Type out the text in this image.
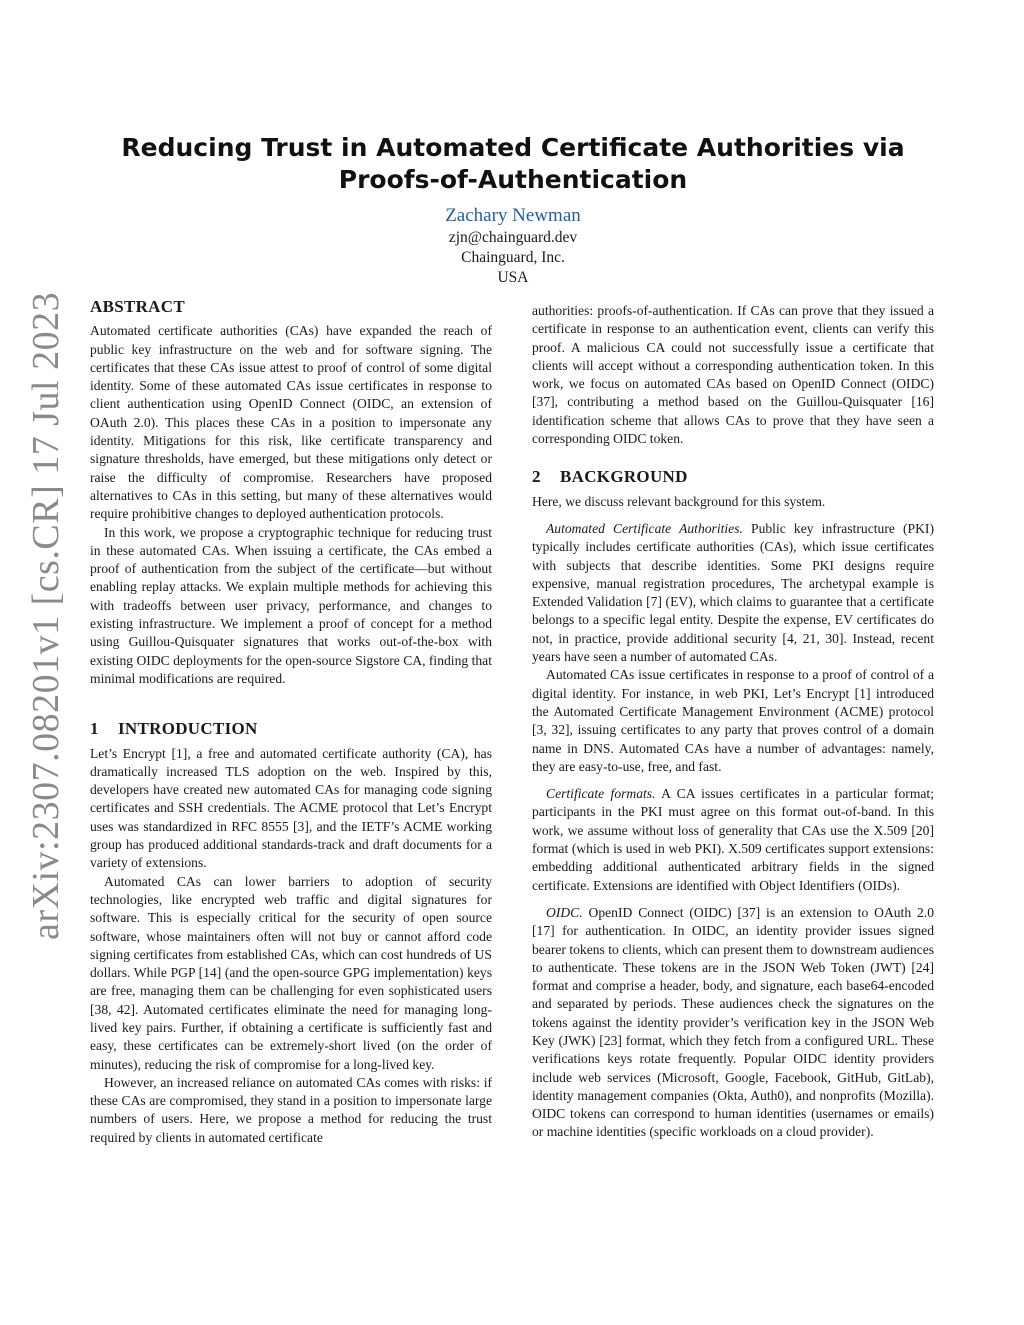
arXiv:2307.08201v1 [cs.CR] 17 Jul 2023
Reducing Trust in Automated Certificate Authorities via
Proofs-of-Authentication
Zachary Newman
zjn@chainguard.dev
Chainguard, Inc.
USA
ABSTRACT

Automated certificate authorities (CAs) have expanded the reach of public key infrastructure on the web and for software signing. The certificates that these CAs issue attest to proof of control of some digital identity. Some of these automated CAs issue certificates in response to client authentication using OpenID Connect (OIDC, an extension of OAuth 2.0). This places these CAs in a position to impersonate any identity. Mitigations for this risk, like certificate transparency and signature thresholds, have emerged, but these mitigations only detect or raise the difficulty of compromise. Researchers have proposed alternatives to CAs in this setting, but many of these alternatives would require prohibitive changes to deployed authentication protocols.

In this work, we propose a cryptographic technique for reducing trust in these automated CAs. When issuing a certificate, the CAs embed a proof of authentication from the subject of the certificate—but without enabling replay attacks. We explain multiple methods for achieving this with tradeoffs between user privacy, performance, and changes to existing infrastructure. We implement a proof of concept for a method using Guillou-Quisquater signatures that works out-of-the-box with existing OIDC deployments for the open-source Sigstore CA, finding that minimal modifications are required.

1 INTRODUCTION

Let’s Encrypt [1], a free and automated certificate authority (CA), has dramatically increased TLS adoption on the web. Inspired by this, developers have created new automated CAs for managing code signing certificates and SSH credentials. The ACME protocol that Let’s Encrypt uses was standardized in RFC 8555 [3], and the IETF’s ACME working group has produced additional standards-track and draft documents for a variety of extensions.

Automated CAs can lower barriers to adoption of security technologies, like encrypted web traffic and digital signatures for software. This is especially critical for the security of open source software, whose maintainers often will not buy or cannot afford code signing certificates from established CAs, which can cost hundreds of US dollars. While PGP [14] (and the open-source GPG implementation) keys are free, managing them can be challenging for even sophisticated users [38, 42]. Automated certificates eliminate the need for managing long-lived key pairs. Further, if obtaining a certificate is sufficiently fast and easy, these certificates can be extremely-short lived (on the order of minutes), reducing the risk of compromise for a long-lived key.

However, an increased reliance on automated CAs comes with risks: if these CAs are compromised, they stand in a position to impersonate large numbers of users. Here, we propose a method for reducing the trust required by clients in automated certificate

authorities: proofs-of-authentication. If CAs can prove that they issued a certificate in response to an authentication event, clients can verify this proof. A malicious CA could not successfully issue a certificate that clients will accept without a corresponding authentication token. In this work, we focus on automated CAs based on OpenID Connect (OIDC) [37], contributing a method based on the Guillou-Quisquater [16] identification scheme that allows CAs to prove that they have seen a corresponding OIDC token.

2 BACKGROUND

Here, we discuss relevant background for this system.

Automated Certificate Authorities. Public key infrastructure (PKI) typically includes certificate authorities (CAs), which issue certificates with subjects that describe identities. Some PKI designs require expensive, manual registration procedures, The archetypal example is Extended Validation [7] (EV), which claims to guarantee that a certificate belongs to a specific legal entity. Despite the expense, EV certificates do not, in practice, provide additional security [4, 21, 30]. Instead, recent years have seen a number of automated CAs.

Automated CAs issue certificates in response to a proof of control of a digital identity. For instance, in web PKI, Let’s Encrypt [1] introduced the Automated Certificate Management Environment (ACME) protocol [3, 32], issuing certificates to any party that proves control of a domain name in DNS. Automated CAs have a number of advantages: namely, they are easy-to-use, free, and fast.

Certificate formats. A CA issues certificates in a particular format; participants in the PKI must agree on this format out-of-band. In this work, we assume without loss of generality that CAs use the X.509 [20] format (which is used in web PKI). X.509 certificates support extensions: embedding additional authenticated arbitrary fields in the signed certificate. Extensions are identified with Object Identifiers (OIDs).

OIDC. OpenID Connect (OIDC) [37] is an extension to OAuth 2.0 [17] for authentication. In OIDC, an identity provider issues signed bearer tokens to clients, which can present them to downstream audiences to authenticate. These tokens are in the JSON Web Token (JWT) [24] format and comprise a header, body, and signature, each base64-encoded and separated by periods. These audiences check the signatures on the tokens against the identity provider’s verification key in the JSON Web Key (JWK) [23] format, which they fetch from a configured URL. These verifications keys rotate frequently. Popular OIDC identity providers include web services (Microsoft, Google, Facebook, GitHub, GitLab), identity management companies (Okta, Auth0), and nonprofits (Mozilla). OIDC tokens can correspond to human identities (usernames or emails) or machine identities (specific workloads on a cloud provider).
